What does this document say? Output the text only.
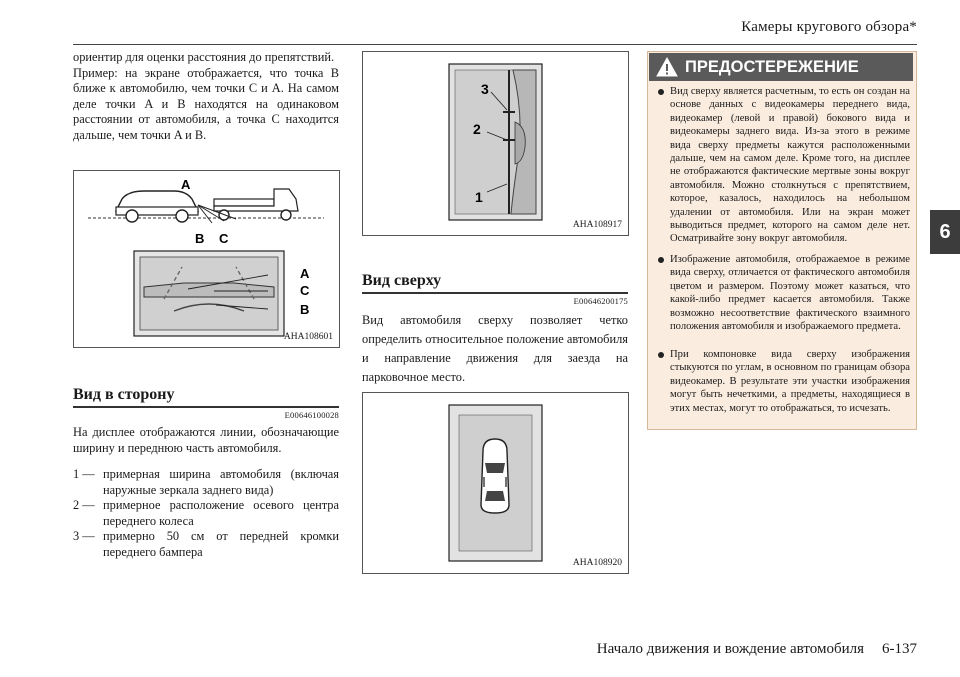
Камеры кругового обзора*
6
ориентир для оценки расстояния до препятствий.
Пример: на экране отображается, что точка B ближе к автомобилю, чем точки C и A. На самом деле точки A и B находятся на одинаковом расстоянии от автомобиля, а точка C находится дальше, чем точки A и B.
A
B C
A
C
B
AHA108601
Вид в сторону
E00646100028
На дисплее отображаются линии, обозначающие ширину и переднюю часть автомобиля.
1 — примерная ширина автомобиля (включая наружные зеркала заднего вида)
2 — примерное расположение осевого центра переднего колеса
3 — примерно 50 см от передней кромки переднего бампера
3
2
1
AHA108917
Вид сверху
E00646200175
Вид автомобиля сверху позволяет четко определить относительное положение автомобиля и направление движения для заезда на парковочное место.
AHA108920
ПРЕДОСТЕРЕЖЕНИЕ
Вид сверху является расчетным, то есть он создан на основе данных с видеокамеры переднего вида, видеокамер (левой и правой) бокового вида и видеокамеры заднего вида. Из-за этого в режиме вида сверху предметы кажутся расположенными дальше, чем на самом деле. Кроме того, на дисплее не отображаются фактические мертвые зоны вокруг автомобиля. Можно столкнуться с препятствием, которое, казалось, находилось на небольшом удалении от автомобиля. Или на экран может выводиться предмет, которого на самом деле нет. Осматривайте зону вокруг автомобиля.
Изображение автомобиля, отображаемое в режиме вида сверху, отличается от фактического автомобиля цветом и размером. Поэтому может казаться, что какой-либо предмет касается автомобиля. Также возможно несоответствие фактического взаимного положения автомобиля и изображаемого предмета.
При компоновке вида сверху изображения стыкуются по углам, в основном по границам обзора видеокамер. В результате эти участки изображения могут быть нечеткими, а предметы, находящиеся в этих местах, могут то отображаться, то исчезать.
Начало движения и вождение автомобиля 6-137
